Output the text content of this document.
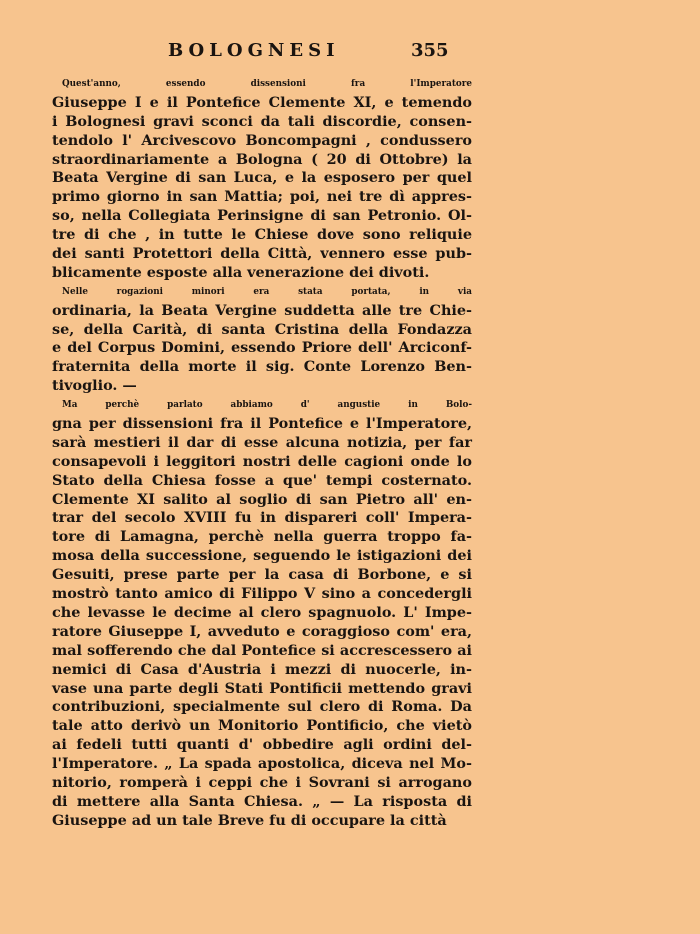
BOLOGNESI	355
Quest'anno, essendo dissensioni fra l'Imperatore
Giuseppe I e il Pontefice Clemente XI, e temendo
i Bolognesi gravi sconci da tali discordie, consen-
tendolo l' Arcivescovo Boncompagni , condussero
straordinariamente a Bologna ( 20 di Ottobre) la
Beata Vergine di san Luca, e la esposero per quel
primo giorno in san Mattia; poi, nei tre dì appres-
so, nella Collegiata Perinsigne di san Petronio. Ol-
tre di che , in tutte le Chiese dove sono reliquie
dei santi Protettori della Città, vennero esse pub-
blicamente esposte alla venerazione dei divoti.
Nelle rogazioni minori era stata portata, in via
ordinaria, la Beata Vergine suddetta alle tre Chie-
se, della Carità, di santa Cristina della Fondazza
e del Corpus Domini, essendo Priore dell' Arciconf-
fraternita della morte il sig. Conte Lorenzo Ben-
tivoglio. —
Ma perchè parlato abbiamo d' angustie in Bolo-
gna per dissensioni fra il Pontefice e l'Imperatore,
sarà mestieri il dar di esse alcuna notizia, per far
consapevoli i leggitori nostri delle cagioni onde lo
Stato della Chiesa fosse a que' tempi costernato.
Clemente XI salito al soglio di san Pietro all' en-
trar del secolo XVIII fu in dispareri coll' Impera-
tore di Lamagna, perchè nella guerra troppo fa-
mosa della successione, seguendo le istigazioni dei
Gesuiti, prese parte per la casa di Borbone, e si
mostrò tanto amico di Filippo V sino a concedergli
che levasse le decime al clero spagnuolo. L' Impe-
ratore Giuseppe I, avveduto e coraggioso com' era,
mal sofferendo che dal Pontefice si accrescessero ai
nemici di Casa d'Austria i mezzi di nuocerle, in-
vase una parte degli Stati Pontificii mettendo gravi
contribuzioni, specialmente sul clero di Roma. Da
tale atto derivò un Monitorio Pontificio, che vietò
ai fedeli tutti quanti d' obbedire agli ordini del-
l'Imperatore. „ La spada apostolica, diceva nel Mo-
nitorio, romperà i ceppi che i Sovrani si arrogano
di mettere alla Santa Chiesa. „ — La risposta di
Giuseppe ad un tale Breve fu di occupare la città
